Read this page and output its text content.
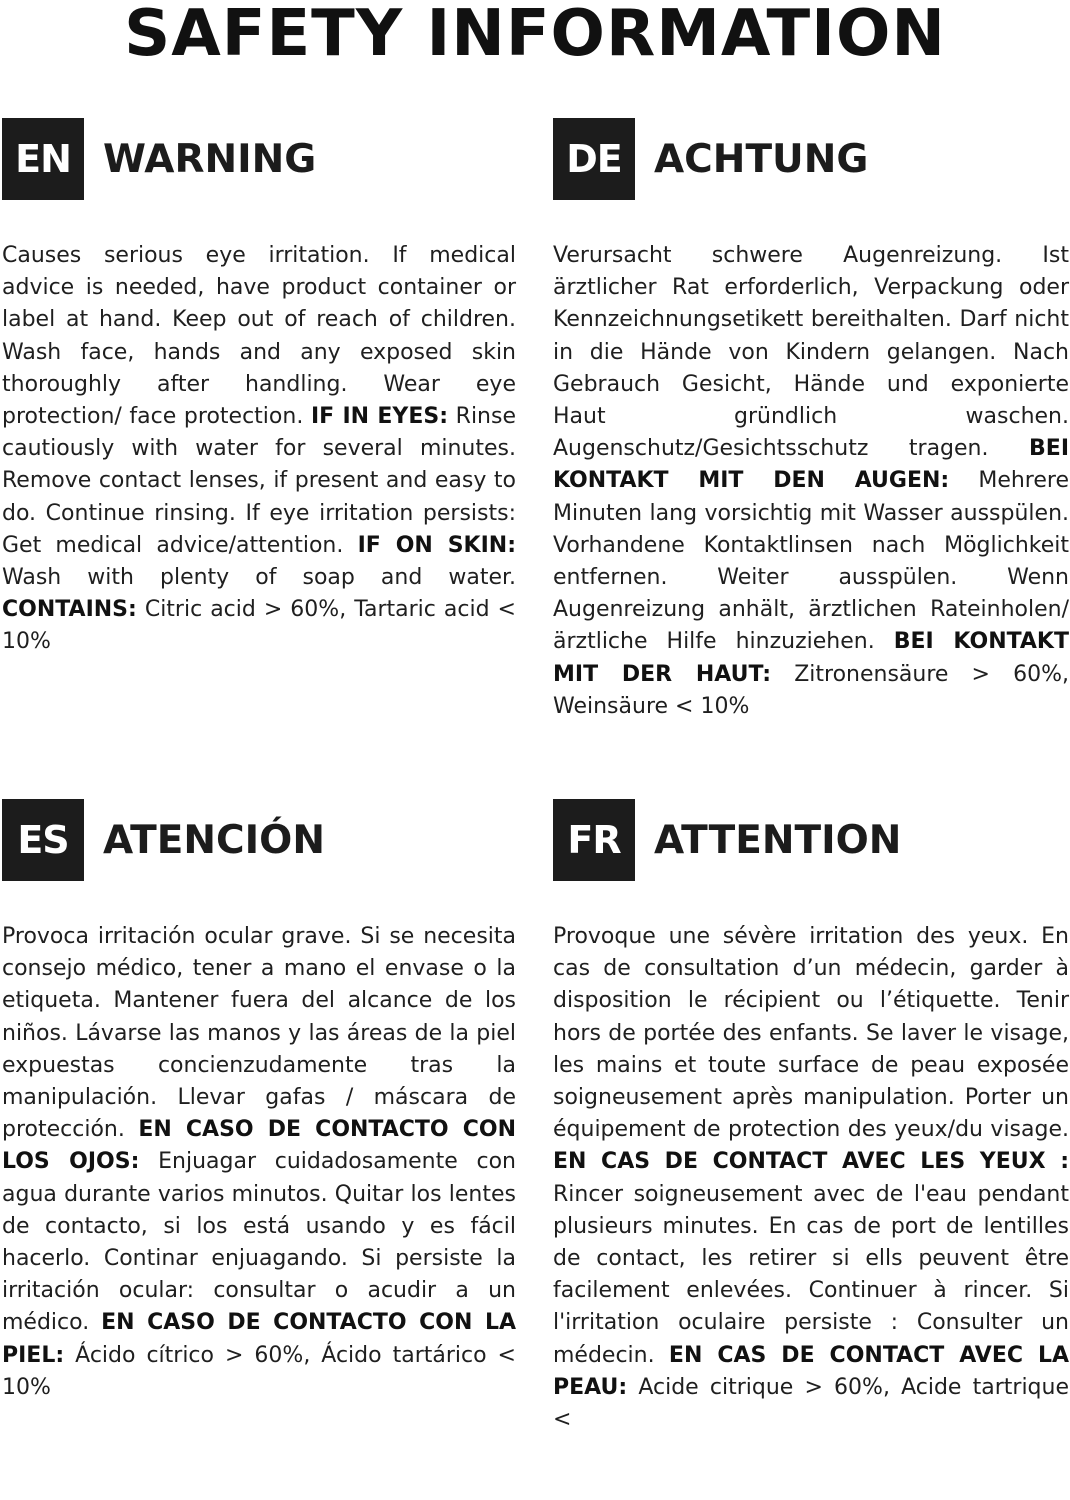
SAFETY INFORMATION
EN WARNING
Causes serious eye irritation. If medical advice is needed, have product container or label at hand. Keep out of reach of children. Wash face, hands and any exposed skin thoroughly after handling. Wear eye protection/ face protection. IF IN EYES: Rinse cautiously with water for several minutes. Remove contact lenses, if present and easy to do. Continue rinsing. If eye irritation persists: Get medical advice/attention. IF ON SKIN: Wash with plenty of soap and water. CONTAINS: Citric acid > 60%, Tartaric acid < 10%
DE ACHTUNG
Verursacht schwere Augenreizung. Ist ärztlicher Rat erforderlich, Verpackung oder Kennzeichnungsetikett bereithalten. Darf nicht in die Hände von Kindern gelangen. Nach Gebrauch Gesicht, Hände und exponierte Haut gründlich waschen. Augenschutz/Gesichtsschutz tragen. BEI KONTAKT MIT DEN AUGEN: Mehrere Minuten lang vorsichtig mit Wasser ausspülen. Vorhandene Kontaktlinsen nach Möglichkeit entfernen. Weiter ausspülen. Wenn Augenreizung anhält, ärztlichen Rateinholen/ärztliche Hilfe hinzuziehen. BEI KONTAKT MIT DER HAUT: Zitronensäure > 60%, Weinsäure < 10%
ES ATENCIÓN
Provoca irritación ocular grave. Si se necesita consejo médico, tener a mano el envase o la etiqueta. Mantener fuera del alcance de los niños. Lávarse las manos y las áreas de la piel expuestas concienzudamente tras la manipulación. Llevar gafas / máscara de protección. EN CASO DE CONTACTO CON LOS OJOS: Enjuagar cuidadosamente con agua durante varios minutos. Quitar los lentes de contacto, si los está usando y es fácil hacerlo. Continar enjuagando. Si persiste la irritación ocular: consultar o acudir a un médico. EN CASO DE CONTACTO CON LA PIEL: Ácido cítrico > 60%, Ácido tartárico < 10%
FR ATTENTION
Provoque une sévère irritation des yeux. En cas de consultation d’un médecin, garder à disposition le récipient ou l’étiquette. Tenir hors de portée des enfants. Se laver le visage, les mains et toute surface de peau exposée soigneusement après manipulation. Porter un équipement de protection des yeux/du visage. EN CAS DE CONTACT AVEC LES YEUX : Rincer soigneusement avec de l'eau pendant plusieurs minutes. En cas de port de lentilles de contact, les retirer si ells peuvent être facilement enlevées. Continuer à rincer. Si l'irritation oculaire persiste : Consulter un médecin. EN CAS DE CONTACT AVEC LA PEAU: Acide citrique > 60%, Acide tartrique <
